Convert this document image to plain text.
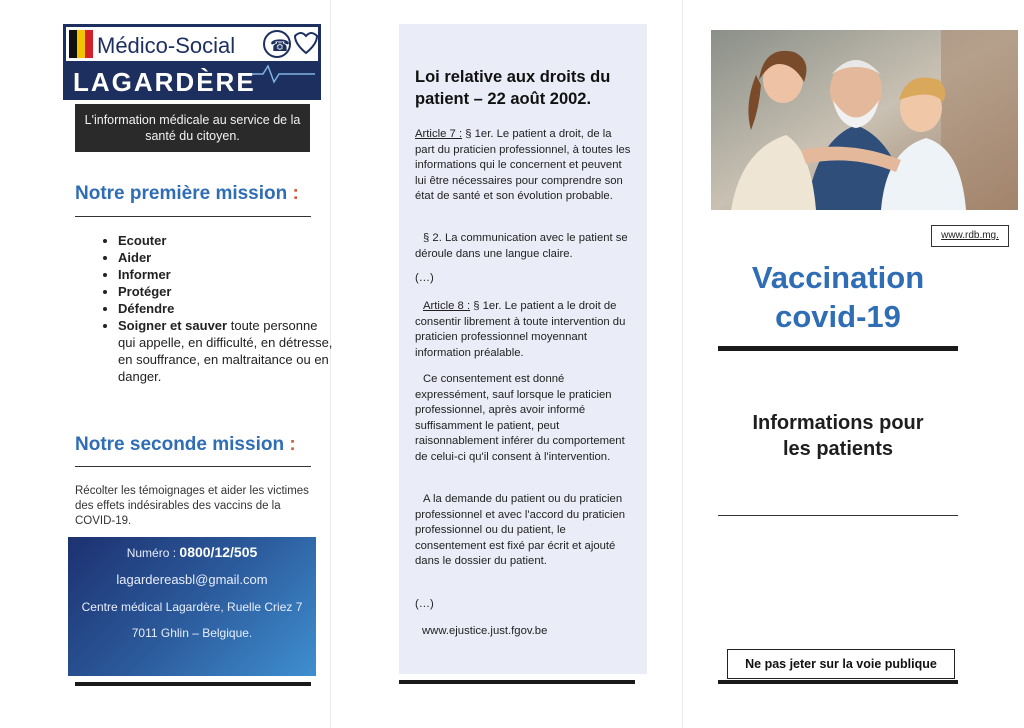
Médico-Social ☎
LAGARDÈRE
L'information médicale au service de la santé du citoyen.
Notre première mission :
• Ecouter
• Aider
• Informer
• Protéger
• Défendre
• Soigner et sauver toute personne qui appelle, en difficulté, en détresse, en souffrance, en maltraitance ou en danger.
Notre seconde mission :
Récolter les témoignages et aider les victimes des effets indésirables des vaccins de la COVID-19.
Numéro : 0800/12/505
lagardereasbl@gmail.com
Centre médical Lagardère, Ruelle Criez 7
7011 Ghlin – Belgique.
Loi relative aux droits du patient – 22 août 2002.
Article 7 : § 1er. Le patient a droit, de la part du praticien professionnel, à toutes les informations qui le concernent et peuvent lui être nécessaires pour comprendre son état de santé et son évolution probable.
§ 2. La communication avec le patient se déroule dans une langue claire.
(…)
Article 8 : § 1er. Le patient a le droit de consentir librement à toute intervention du praticien professionnel moyennant information préalable.
Ce consentement est donné expressément, sauf lorsque le praticien professionnel, après avoir informé suffisamment le patient, peut raisonnablement inférer du comportement de celui-ci qu'il consent à l'intervention.
A la demande du patient ou du praticien professionnel et avec l'accord du praticien professionnel ou du patient, le consentement est fixé par écrit et ajouté dans le dossier du patient.
(…)
www.ejustice.just.fgov.be
www.rdb.mg.
Vaccination
covid-19
Informations pour
les patients
Ne pas jeter sur la voie publique
